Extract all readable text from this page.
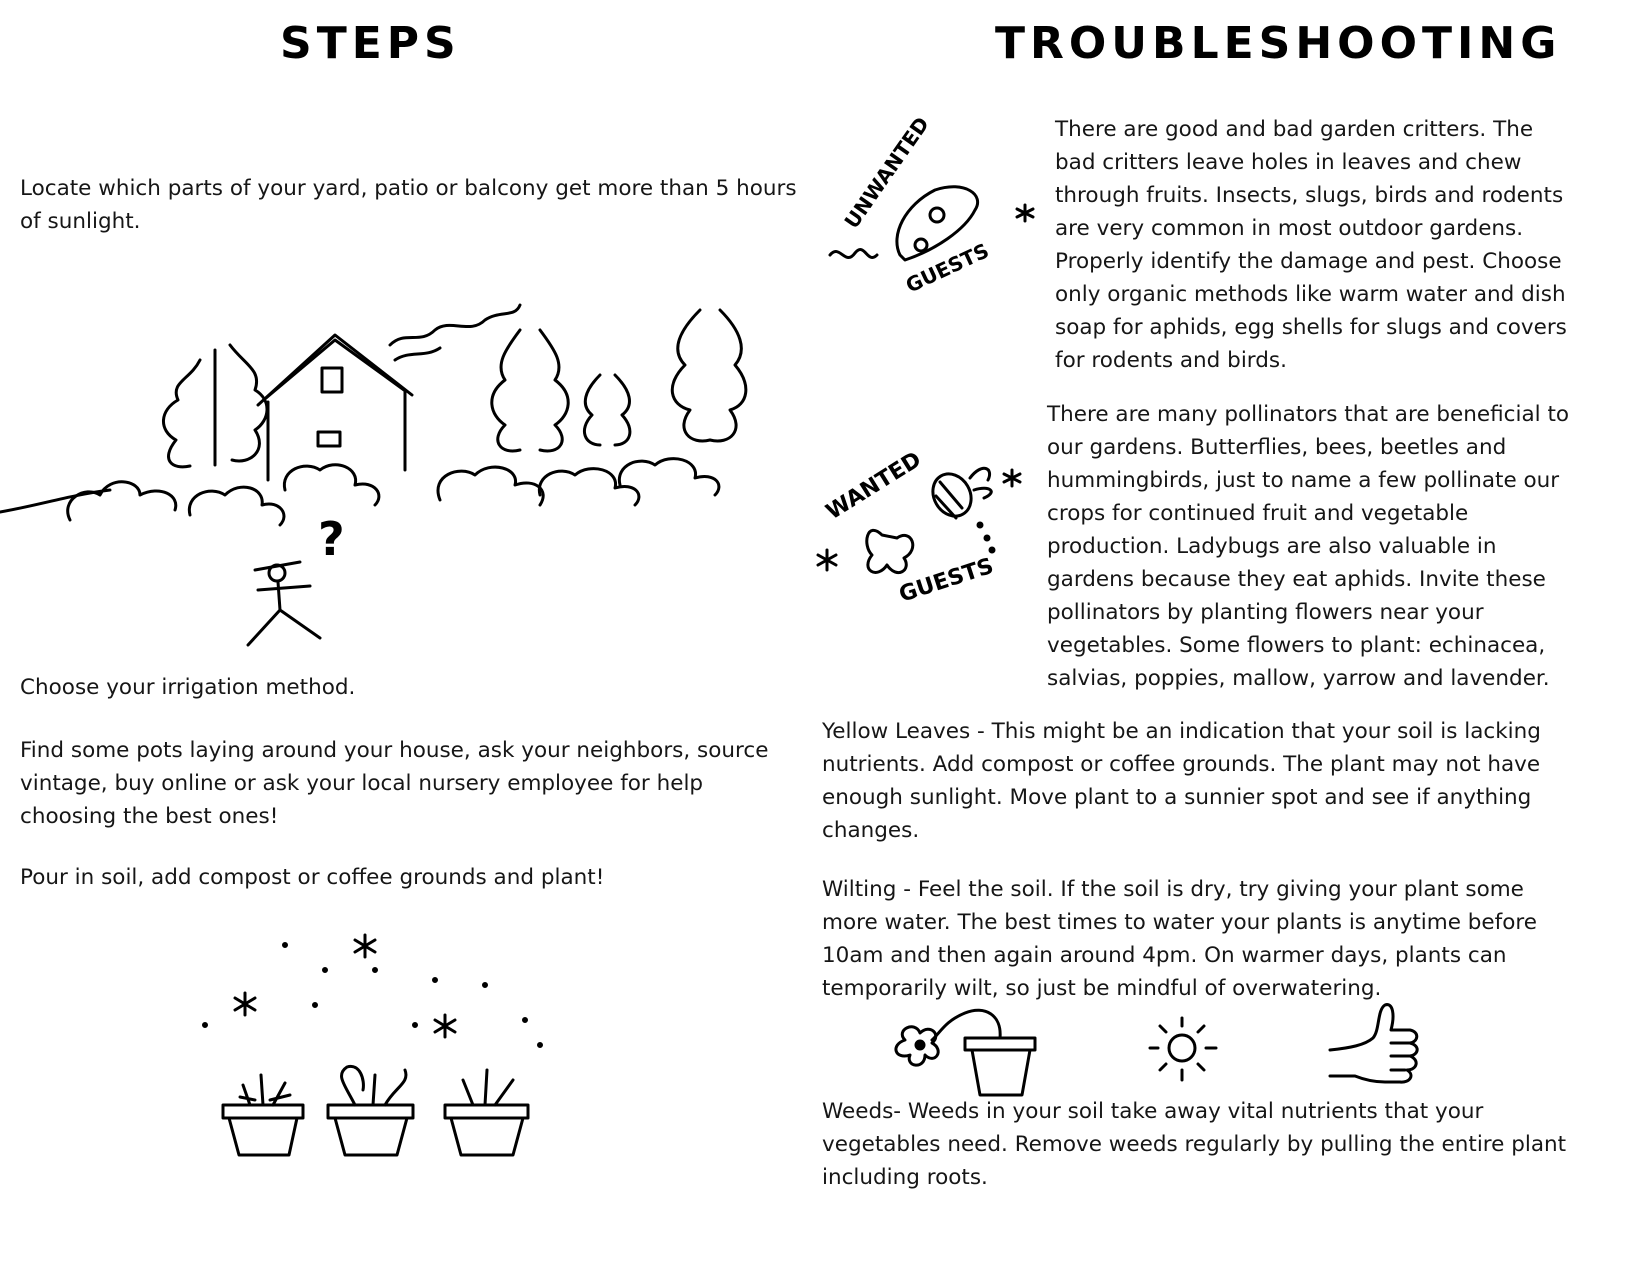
STEPS

Locate which parts of your yard, patio or balcony get more than 5 hours of sunlight.

?

Choose your irrigation method.

Find some pots laying around your house, ask your neighbors, source vintage, buy online or ask your local nursery employee for help choosing the best ones!

Pour in soil, add compost or coffee grounds and plant!

TROUBLESHOOTING
UNWANTED
GUESTS

There are good and bad garden critters. The bad critters leave holes in leaves and chew through fruits. Insects, slugs, birds and rodents are very common in most outdoor gardens. Properly identify the damage and pest. Choose only organic methods like warm water and dish soap for aphids, egg shells for slugs and covers for rodents and birds.

WANTED
GUESTS

There are many pollinators that are beneficial to our gardens. Butterflies, bees, beetles and hummingbirds, just to name a few pollinate our crops for continued fruit and vegetable production. Ladybugs are also valuable in gardens because they eat aphids. Invite these pollinators by planting flowers near your vegetables. Some flowers to plant: echinacea, salvias, poppies, mallow, yarrow and lavender.

Yellow Leaves - This might be an indication that your soil is lacking nutrients. Add compost or coffee grounds. The plant may not have enough sunlight. Move plant to a sunnier spot and see if anything changes.

Wilting - Feel the soil. If the soil is dry, try giving your plant some more water. The best times to water your plants is anytime before 10am and then again around 4pm. On warmer days, plants can temporarily wilt, so just be mindful of overwatering.

Weeds- Weeds in your soil take away vital nutrients that your vegetables need. Remove weeds regularly by pulling the entire plant including roots.
